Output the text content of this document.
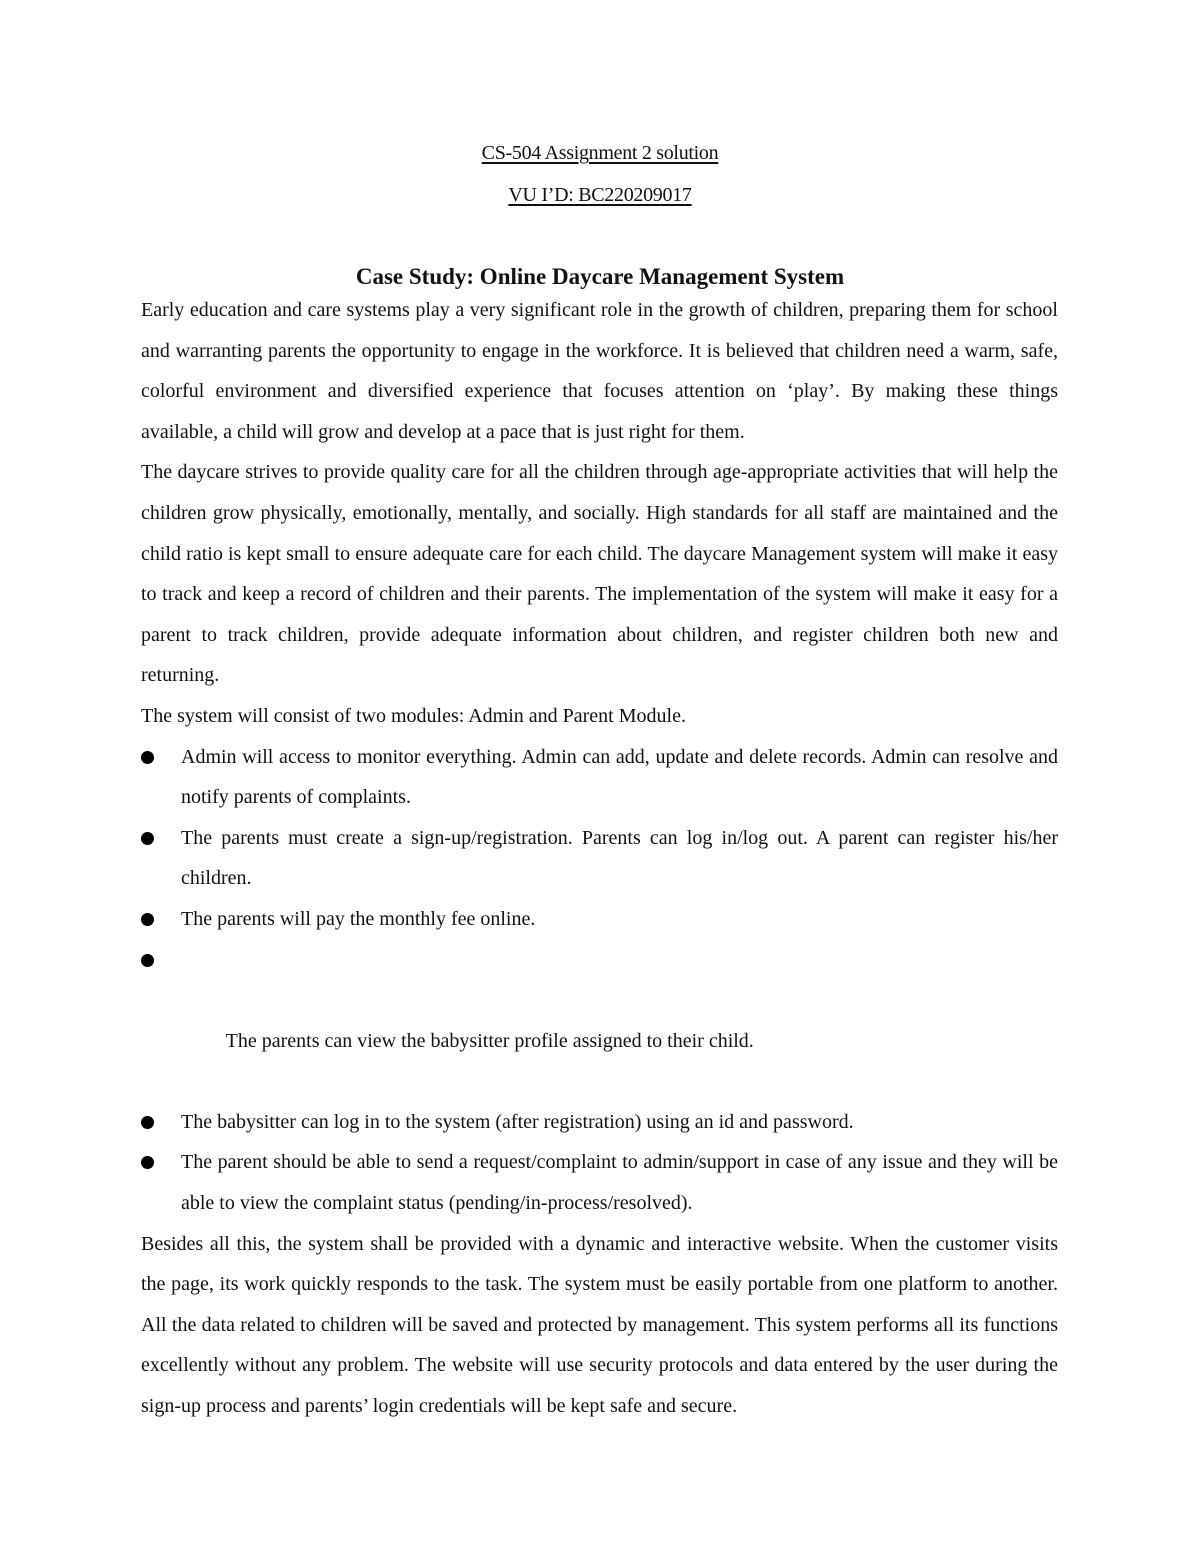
CS-504 Assignment 2 solution
VU I’D: BC220209017
Case Study: Online Daycare Management System

Early education and care systems play a very significant role in the growth of children, preparing them for school and warranting parents the opportunity to engage in the workforce. It is believed that children need a warm, safe, colorful environment and diversified experience that focuses attention on ‘play’. By making these things available, a child will grow and develop at a pace that is just right for them.

The daycare strives to provide quality care for all the children through age-appropriate activities that will help the children grow physically, emotionally, mentally, and socially. High standards for all staff are maintained and the child ratio is kept small to ensure adequate care for each child. The daycare Management system will make it easy to track and keep a record of children and their parents. The implementation of the system will make it easy for a parent to track children, provide adequate information about children, and register children both new and returning.

The system will consist of two modules: Admin and Parent Module.

Admin will access to monitor everything. Admin can add, update and delete records. Admin can resolve and notify parents of complaints.
The parents must create a sign-up/registration. Parents can log in/log out. A parent can register his/her children.
The parents will pay the monthly fee online.

The parents can view the babysitter profile assigned to their child.

The babysitter can log in to the system (after registration) using an id and password.
The parent should be able to send a request/complaint to admin/support in case of any issue and they will be able to view the complaint status (pending/in-process/resolved).

Besides all this, the system shall be provided with a dynamic and interactive website. When the customer visits the page, its work quickly responds to the task. The system must be easily portable from one platform to another. All the data related to children will be saved and protected by management. This system performs all its functions excellently without any problem. The website will use security protocols and data entered by the user during the sign-up process and parents’ login credentials will be kept safe and secure.
